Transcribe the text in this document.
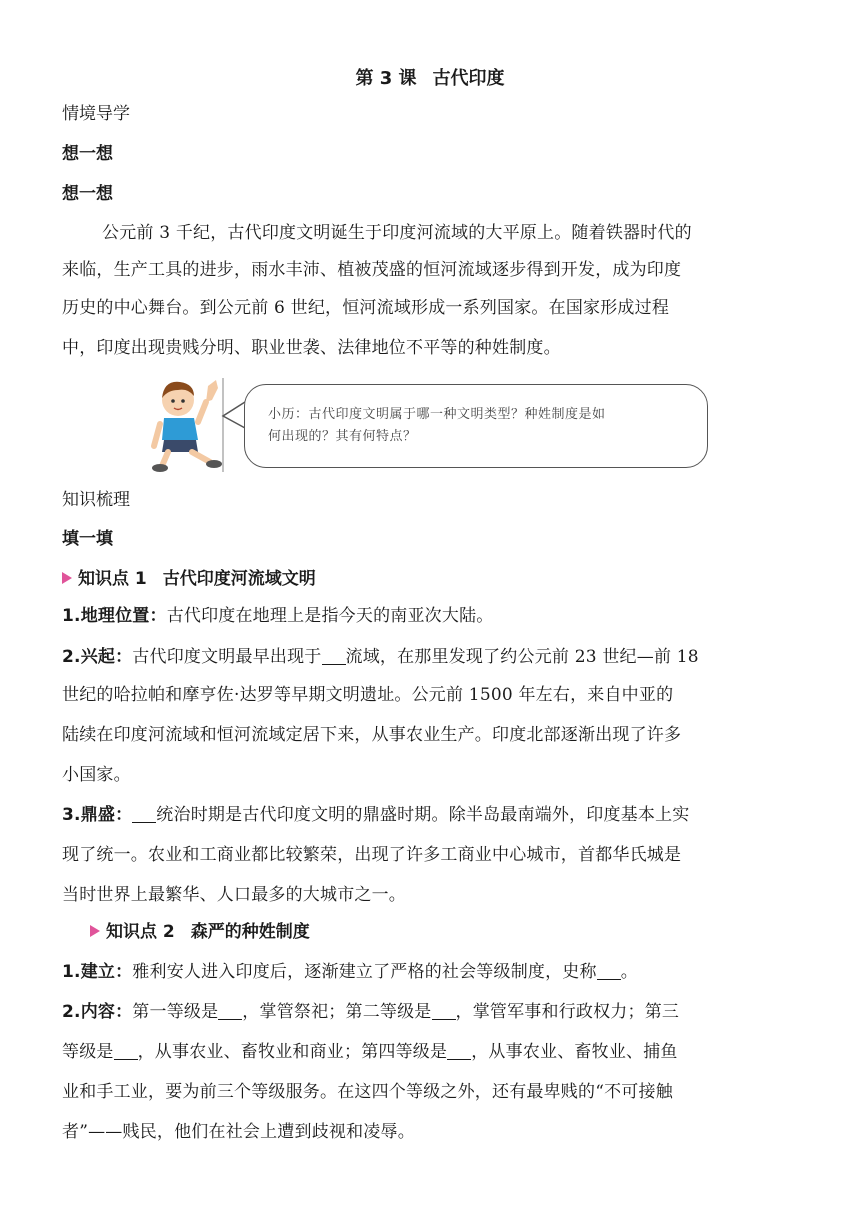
第 3 课 古代印度
情境导学
想一想
想一想
公元前 3 千纪，古代印度文明诞生于印度河流域的大平原上。随着铁器时代的
来临，生产工具的进步，雨水丰沛、植被茂盛的恒河流域逐步得到开发，成为印度
历史的中心舞台。到公元前 6 世纪，恒河流域形成一系列国家。在国家形成过程
中，印度出现贵贱分明、职业世袭、法律地位不平等的种姓制度。
小历：古代印度文明属于哪一种文明类型？种姓制度是如
何出现的？其有何特点？
知识梳理
填一填
知识点 1 古代印度河流域文明
1.地理位置：古代印度在地理上是指今天的南亚次大陆。
2.兴起：古代印度文明最早出现于 流域，在那里发现了约公元前 23 世纪—前 18
世纪的哈拉帕和摩亨佐·达罗等早期文明遗址。公元前 1500 年左右，来自中亚的
陆续在印度河流域和恒河流域定居下来，从事农业生产。印度北部逐渐出现了许多
小国家。
3.鼎盛： 统治时期是古代印度文明的鼎盛时期。除半岛最南端外，印度基本上实
现了统一。农业和工商业都比较繁荣，出现了许多工商业中心城市，首都华氏城是
当时世界上最繁华、人口最多的大城市之一。
知识点 2 森严的种姓制度
1.建立：雅利安人进入印度后，逐渐建立了严格的社会等级制度，史称 。
2.内容：第一等级是 ，掌管祭祀；第二等级是 ，掌管军事和行政权力；第三
等级是 ，从事农业、畜牧业和商业；第四等级是 ，从事农业、畜牧业、捕鱼
业和手工业，要为前三个等级服务。在这四个等级之外，还有最卑贱的“不可接触
者”——贱民，他们在社会上遭到歧视和凌辱。
